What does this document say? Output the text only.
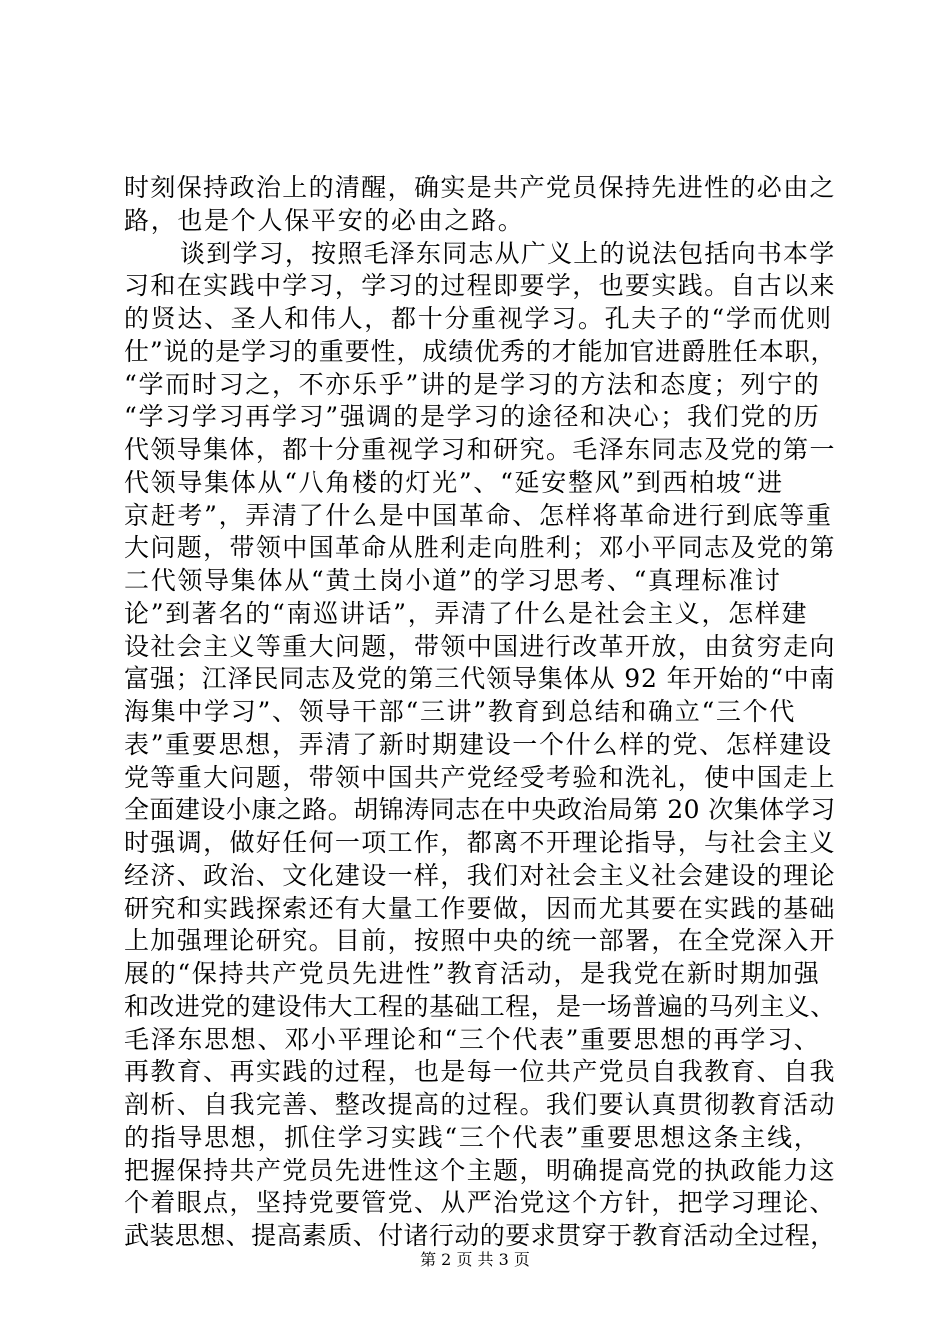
时刻保持政治上的清醒，确实是共产党员保持先进性的必由之
路，也是个人保平安的必由之路。
谈到学习，按照毛泽东同志从广义上的说法包括向书本学
习和在实践中学习，学习的过程即要学，也要实践。自古以来
的贤达、圣人和伟人，都十分重视学习。孔夫子的“学而优则
仕”说的是学习的重要性，成绩优秀的才能加官进爵胜任本职，
“学而时习之，不亦乐乎”讲的是学习的方法和态度；列宁的
“学习学习再学习”强调的是学习的途径和决心；我们党的历
代领导集体，都十分重视学习和研究。毛泽东同志及党的第一
代领导集体从“八角楼的灯光”、“延安整风”到西柏坡“进
京赶考”，弄清了什么是中国革命、怎样将革命进行到底等重
大问题，带领中国革命从胜利走向胜利；邓小平同志及党的第
二代领导集体从“黄土岗小道”的学习思考、“真理标准讨
论”到著名的“南巡讲话”，弄清了什么是社会主义，怎样建
设社会主义等重大问题，带领中国进行改革开放，由贫穷走向
富强；江泽民同志及党的第三代领导集体从 92 年开始的“中南
海集中学习”、领导干部“三讲”教育到总结和确立“三个代
表”重要思想，弄清了新时期建设一个什么样的党、怎样建设
党等重大问题，带领中国共产党经受考验和洗礼，使中国走上
全面建设小康之路。胡锦涛同志在中央政治局第 20 次集体学习
时强调，做好任何一项工作，都离不开理论指导，与社会主义
经济、政治、文化建设一样，我们对社会主义社会建设的理论
研究和实践探索还有大量工作要做，因而尤其要在实践的基础
上加强理论研究。目前，按照中央的统一部署，在全党深入开
展的“保持共产党员先进性”教育活动，是我党在新时期加强
和改进党的建设伟大工程的基础工程，是一场普遍的马列主义、
毛泽东思想、邓小平理论和“三个代表”重要思想的再学习、
再教育、再实践的过程，也是每一位共产党员自我教育、自我
剖析、自我完善、整改提高的过程。我们要认真贯彻教育活动
的指导思想，抓住学习实践“三个代表”重要思想这条主线，
把握保持共产党员先进性这个主题，明确提高党的执政能力这
个着眼点，坚持党要管党、从严治党这个方针，把学习理论、
武装思想、提高素质、付诸行动的要求贯穿于教育活动全过程，
第 2 页 共 3 页
